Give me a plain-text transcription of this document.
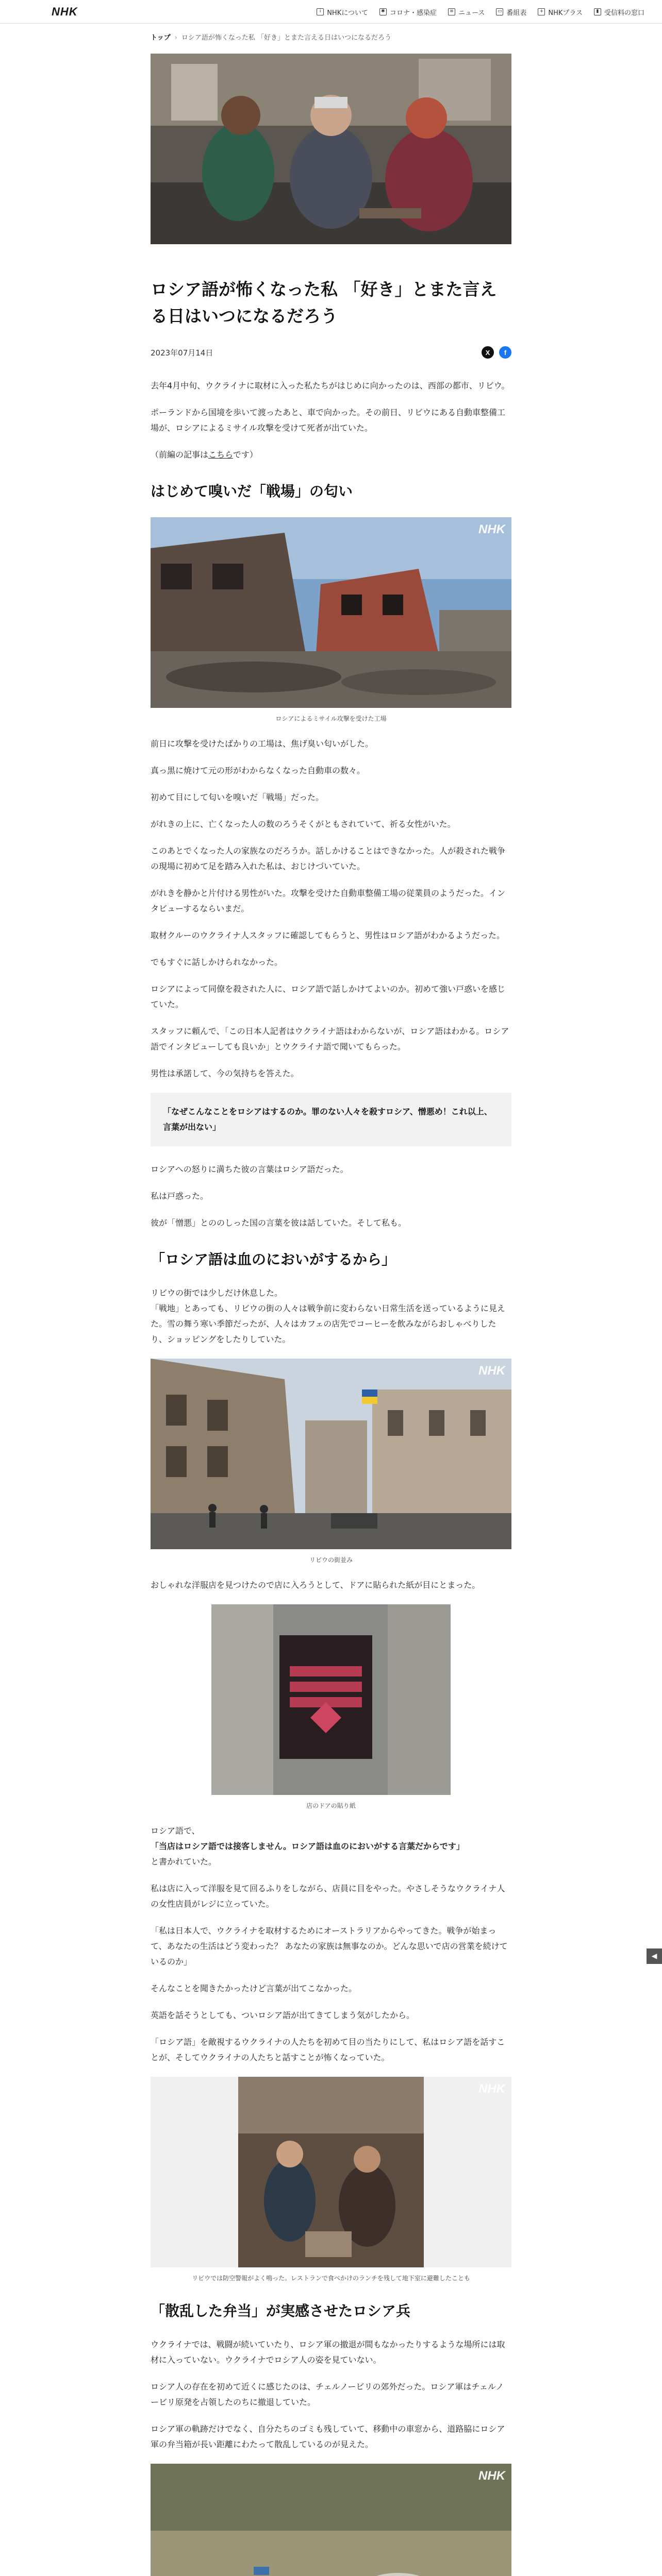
NHK	i NHKについて	✱ コロナ・感染症	≡ ニュース	▭ 番組表	+ NHKプラス	▮ 受信料の窓口
トップ › ロシア語が怖くなった私 「好き」とまた言える日はいつになるだろう
ロシア語が怖くなった私 「好き」とまた言える日はいつになるだろう
2023年07月14日	X	f

去年4月中旬、ウクライナに取材に入った私たちがはじめに向かったのは、西部の都市、リビウ。

ポーランドから国境を歩いて渡ったあと、車で向かった。その前日、リビウにある自動車整備工場が、ロシアによるミサイル攻撃を受けて死者が出ていた。

（前編の記事はこちらです）

はじめて嗅いだ「戦場」の匂い
NHK
ロシアによるミサイル攻撃を受けた工場

前日に攻撃を受けたばかりの工場は、焦げ臭い匂いがした。

真っ黒に焼けて元の形がわからなくなった自動車の数々。

初めて目にして匂いを嗅いだ「戦場」だった。

がれきの上に、亡くなった人の数のろうそくがともされていて、祈る女性がいた。

このあとでくなった人の家族なのだろうか。話しかけることはできなかった。人が殺された戦争の現場に初めて足を踏み入れた私は、おじけづいていた。

がれきを静かと片付ける男性がいた。攻撃を受けた自動車整備工場の従業員のようだった。インタビューするならいまだ。

取材クルーのウクライナ人スタッフに確認してもらうと、男性はロシア語がわかるようだった。

でもすぐに話しかけられなかった。

ロシアによって同僚を殺された人に、ロシア語で話しかけてよいのか。初めて強い戸惑いを感じていた。

スタッフに頼んで、「この日本人記者はウクライナ語はわからないが、ロシア語はわかる。ロシア語でインタビューしても良いか」とウクライナ語で聞いてもらった。

男性は承諾して、今の気持ちを答えた。

「なぜこんなことをロシアはするのか。罪のない人々を殺すロシア、憎悪め！これ以上、言葉が出ない」

ロシアへの怒りに満ちた彼の言葉はロシア語だった。

私は戸惑った。

彼が「憎悪」とののしった国の言葉を彼は話していた。そして私も。

「ロシア語は血のにおいがするから」

リビウの街では少しだけ休息した。
「戦地」とあっても、リビウの街の人々は戦争前に変わらない日常生活を送っているように見えた。雪の舞う寒い季節だったが、人々はカフェの店先でコーヒーを飲みながらおしゃべりしたり、ショッピングをしたりしていた。

NHK
リビウの街並み

おしゃれな洋服店を見つけたので店に入ろうとして、ドアに貼られた紙が目にとまった。

店のドアの貼り紙

ロシア語で、
「当店はロシア語では接客しません。ロシア語は血のにおいがする言葉だからです」
と書かれていた。

私は店に入って洋服を見て回るふりをしながら、店員に目をやった。やさしそうなウクライナ人の女性店員がレジに立っていた。

「私は日本人で、ウクライナを取材するためにオーストラリアからやってきた。戦争が始まって、あなたの生活はどう変わった？ あなたの家族は無事なのか。どんな思いで店の営業を続けているのか」

そんなことを聞きたかったけど言葉が出てこなかった。

英語を話そうとしても、ついロシア語が出てきてしまう気がしたから。

「ロシア語」を敵視するウクライナの人たちを初めて目の当たりにして、私はロシア語を話すことが、そしてウクライナの人たちと話すことが怖くなっていた。

NHK
リビウでは防空警報がよく鳴った。レストランで食べかけのランチを残して地下室に避難したことも
「散乱した弁当」が実感させたロシア兵

ウクライナでは、戦闘が続いていたり、ロシア軍の撤退が間もなかったりするような場所には取材に入っていない。ウクライナでロシア人の姿を見ていない。

ロシア人の存在を初めて近くに感じたのは、チェルノービリの郊外だった。ロシア軍はチェルノービリ原発を占領したのちに撤退していた。

ロシア軍の軌跡だけでなく、自分たちのゴミも残していて、移動中の車窓から、道路脇にロシア軍の弁当箱が長い距離にわたって散乱しているのが見えた。

NHK

◀
